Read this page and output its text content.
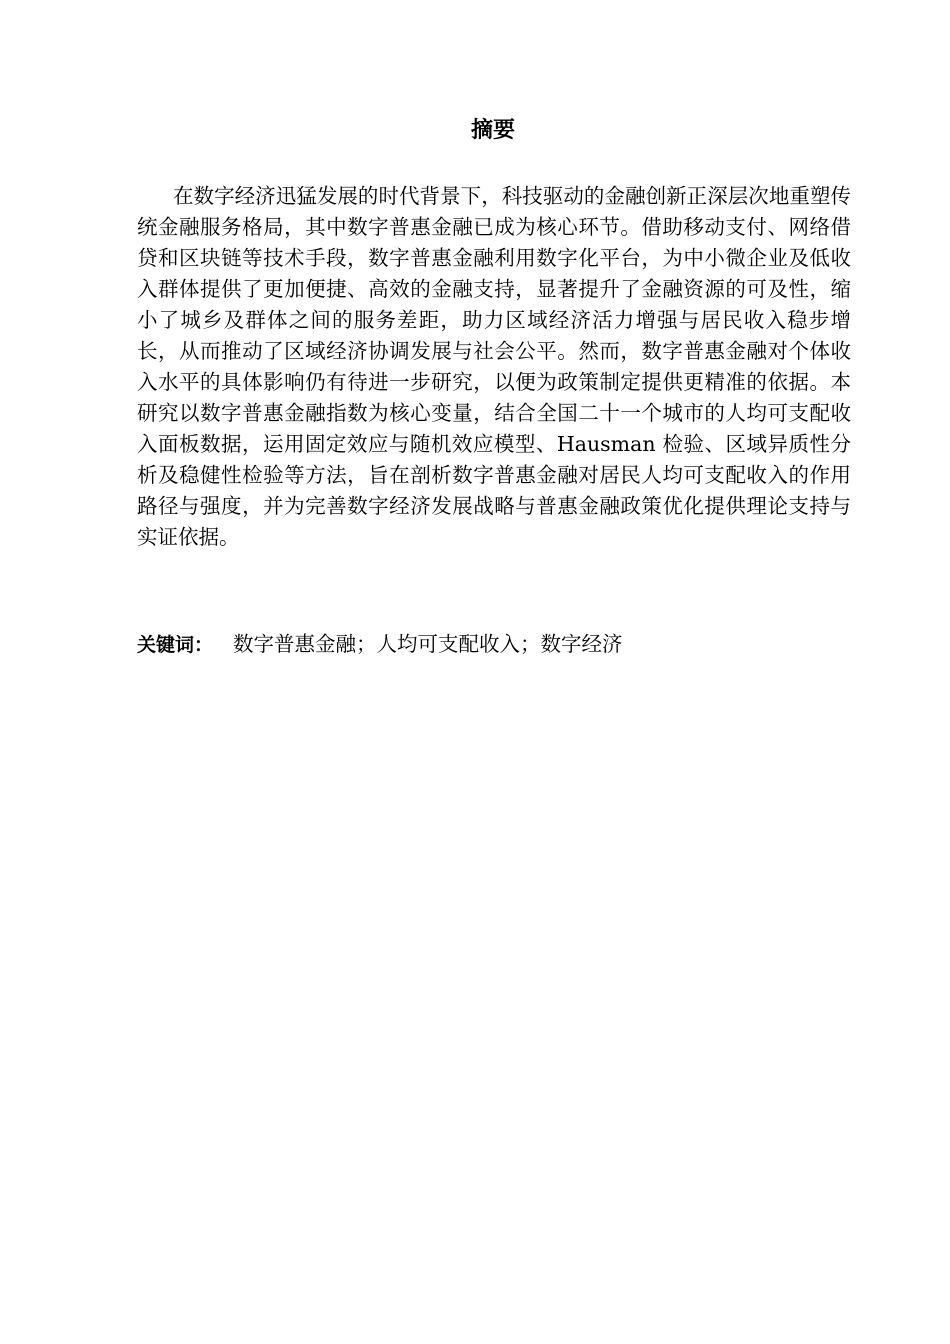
摘要

在数字经济迅猛发展的时代背景下，科技驱动的金融创新正深层次地重塑传统金融服务格局，其中数字普惠金融已成为核心环节。借助移动支付、网络借贷和区块链等技术手段，数字普惠金融利用数字化平台，为中小微企业及低收入群体提供了更加便捷、高效的金融支持，显著提升了金融资源的可及性，缩小了城乡及群体之间的服务差距，助力区域经济活力增强与居民收入稳步增长，从而推动了区域经济协调发展与社会公平。然而，数字普惠金融对个体收入水平的具体影响仍有待进一步研究，以便为政策制定提供更精准的依据。本研究以数字普惠金融指数为核心变量，结合全国二十一个城市的人均可支配收入面板数据，运用固定效应与随机效应模型、Hausman 检验、区域异质性分析及稳健性检验等方法，旨在剖析数字普惠金融对居民人均可支配收入的作用路径与强度，并为完善数字经济发展战略与普惠金融政策优化提供理论支持与实证依据。

关键词： 数字普惠金融；人均可支配收入；数字经济
